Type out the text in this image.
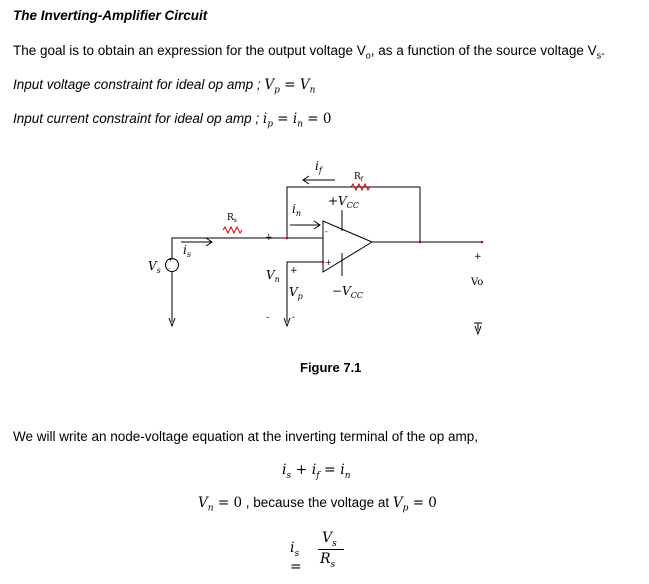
The Inverting-Amplifier Circuit
The goal is to obtain an expression for the output voltage $V_o$, as a function of the source voltage $V_s$.
Input voltage constraint for ideal op amp ; $V_p = V_n$
Input current constraint for ideal op amp ; $i_p = i_n = 0$
+
-
-
+
$i_f$
$R_f$
$i_n$
$+V_{CC}$
$-V_{CC}$
$R_s$
$i_s$
$V_s$	$V_n$
$V_p$
Vo
+
+
-	-
+
Figure 7.1
We will write an node-voltage equation at the inverting terminal of the op amp,
$i_s + i_f = i_n$
$V_n = 0$ , because the voltage at $V_p = 0$
$i_s$ =
$V_s$
$R_s$
